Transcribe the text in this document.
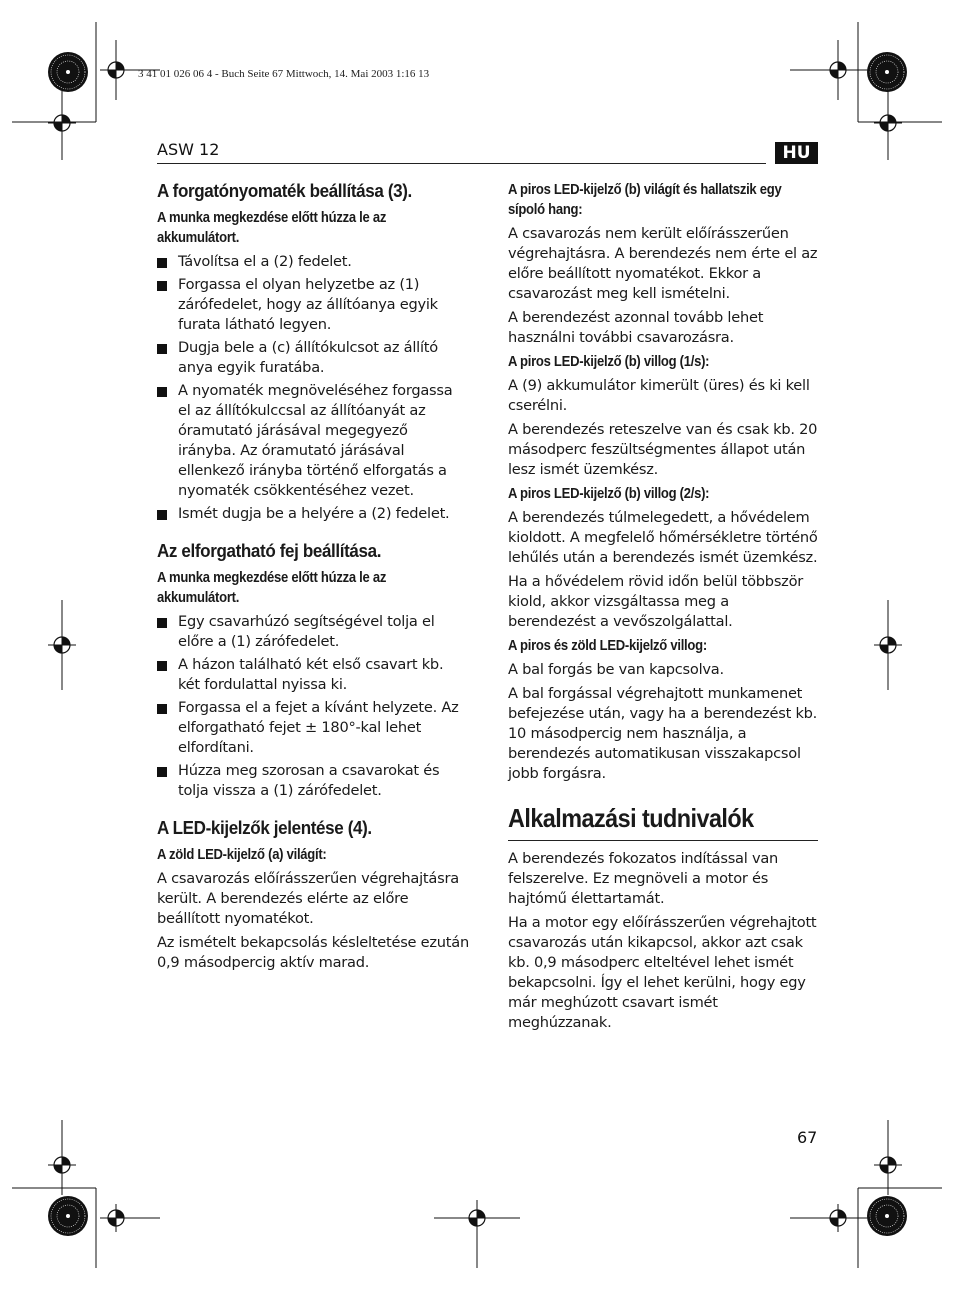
3 41 01 026 06 4 - Buch Seite 67 Mittwoch, 14. Mai 2003 1:16 13
ASW 12	HU
A forgatónyomaték beállítása (3).
A munka megkezdése előtt húzza le az akkumulátort.
Távolítsa el a (2) fedelet.
Forgassa el olyan helyzetbe az (1) zárófedelet, hogy az állítóanya egyik furata látható legyen.
Dugja bele a (c) állítókulcsot az állító anya egyik furatába.
A nyomaték megnöveléséhez forgassa el az állítókulccsal az állítóanyát az óramutató járásával megegyező irányba. Az óramutató járásával ellenkező irányba történő elforgatás a nyomaték csökkentéséhez vezet.
Ismét dugja be a helyére a (2) fedelet.
Az elforgatható fej beállítása.
A munka megkezdése előtt húzza le az akkumulátort.
Egy csavarhúzó segítségével tolja el előre a (1) zárófedelet.
A házon található két első csavart kb. két fordulattal nyissa ki.
Forgassa el a fejet a kívánt helyzete. Az elforgatható fejet ± 180°-kal lehet elfordítani.
Húzza meg szorosan a csavarokat és tolja vissza a (1) zárófedelet.
A LED-kijelzők jelentése (4).
A zöld LED-kijelző (a) világít:

A csavarozás előírásszerűen végrehajtásra került. A berendezés elérte az előre beállított nyomatékot.

Az ismételt bekapcsolás késleltetése ezután 0,9 másodpercig aktív marad.

A piros LED-kijelző (b) világít és hallatszik egy sípoló hang:

A csavarozás nem került előírásszerűen végrehajtásra. A berendezés nem érte el az előre beállított nyomatékot. Ekkor a csavarozást meg kell ismételni.

A berendezést azonnal tovább lehet használni további csavarozásra.

A piros LED-kijelző (b) villog (1/s):

A (9) akkumulátor kimerült (üres) és ki kell cserélni.

A berendezés reteszelve van és csak kb. 20 másodperc feszültségmentes állapot után lesz ismét üzemkész.

A piros LED-kijelző (b) villog (2/s):

A berendezés túlmelegedett, a hővédelem kioldott. A megfelelő hőmérsékletre történő lehűlés után a berendezés ismét üzemkész.

Ha a hővédelem rövid időn belül többször kiold, akkor vizsgáltassa meg a berendezést a vevőszolgálattal.

A piros és zöld LED-kijelző villog:

A bal forgás be van kapcsolva.

A bal forgással végrehajtott munkamenet befejezése után, vagy ha a berendezést kb. 10 másodpercig nem használja, a berendezés automatikusan visszakapcsol jobb forgásra.

Alkalmazási tudnivalók

A berendezés fokozatos indítással van felszerelve. Ez megnöveli a motor és hajtómű élettartamát.

Ha a motor egy előírásszerűen végrehajtott csavarozás után kikapcsol, akkor azt csak kb. 0,9 másodperc elteltével lehet ismét bekapcsolni. Így el lehet kerülni, hogy egy már meghúzott csavart ismét meghúzzanak.

67
